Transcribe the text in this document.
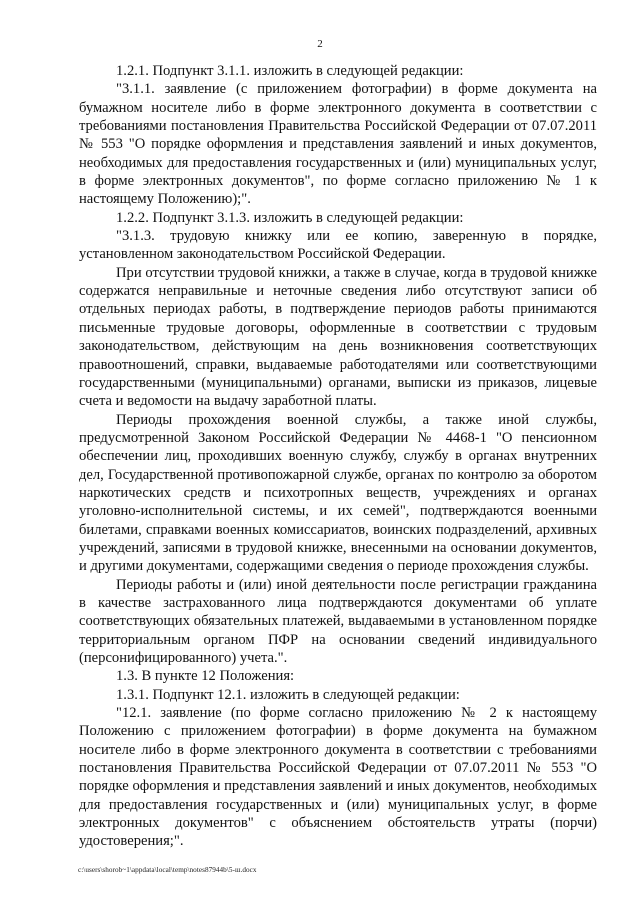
2

1.2.1. Подпункт 3.1.1. изложить в следующей редакции:

"3.1.1. заявление (с приложением фотографии) в форме документа на бумажном носителе либо в форме электронного документа в соответствии с требованиями постановления Правительства Российской Федерации от 07.07.2011 № 553 "О порядке оформления и представления заявлений и иных документов, необходимых для предоставления государственных и (или) муниципальных услуг, в форме электронных документов", по форме согласно приложению № 1 к настоящему Положению);".

1.2.2. Подпункт 3.1.3. изложить в следующей редакции:

"3.1.3. трудовую книжку или ее копию, заверенную в порядке, установленном законодательством Российской Федерации.

При отсутствии трудовой книжки, а также в случае, когда в трудовой книжке содержатся неправильные и неточные сведения либо отсутствуют записи об отдельных периодах работы, в подтверждение периодов работы принимаются письменные трудовые договоры, оформленные в соответствии с трудовым законодательством, действующим на день возникновения соответствующих правоотношений, справки, выдаваемые работодателями или соответствующими государственными (муниципальными) органами, выписки из приказов, лицевые счета и ведомости на выдачу заработной платы.

Периоды прохождения военной службы, а также иной службы, предусмотренной Законом Российской Федерации № 4468-1 "О пенсионном обеспечении лиц, проходивших военную службу, службу в органах внутренних дел, Государственной противопожарной службе, органах по контролю за оборотом наркотических средств и психотропных веществ, учреждениях и органах уголовно-исполнительной системы, и их семей", подтверждаются военными билетами, справками военных комиссариатов, воинских подразделений, архивных учреждений, записями в трудовой книжке, внесенными на основании документов, и другими документами, содержащими сведения о периоде прохождения службы.

Периоды работы и (или) иной деятельности после регистрации гражданина в качестве застрахованного лица подтверждаются документами об уплате соответствующих обязательных платежей, выдаваемыми в установленном порядке территориальным органом ПФР на основании сведений индивидуального (персонифицированного) учета.".

1.3. В пункте 12 Положения:

1.3.1. Подпункт 12.1. изложить в следующей редакции:

"12.1. заявление (по форме согласно приложению № 2 к настоящему Положению с приложением фотографии) в форме документа на бумажном носителе либо в форме электронного документа в соответствии с требованиями постановления Правительства Российской Федерации от 07.07.2011 № 553 "О порядке оформления и представления заявлений и иных документов, необходимых для предоставления государственных и (или) муниципальных услуг, в форме электронных документов" с объяснением обстоятельств утраты (порчи) удостоверения;".

c:\users\shorob~1\appdata\local\temp\notes87944b\5-ш.docx
